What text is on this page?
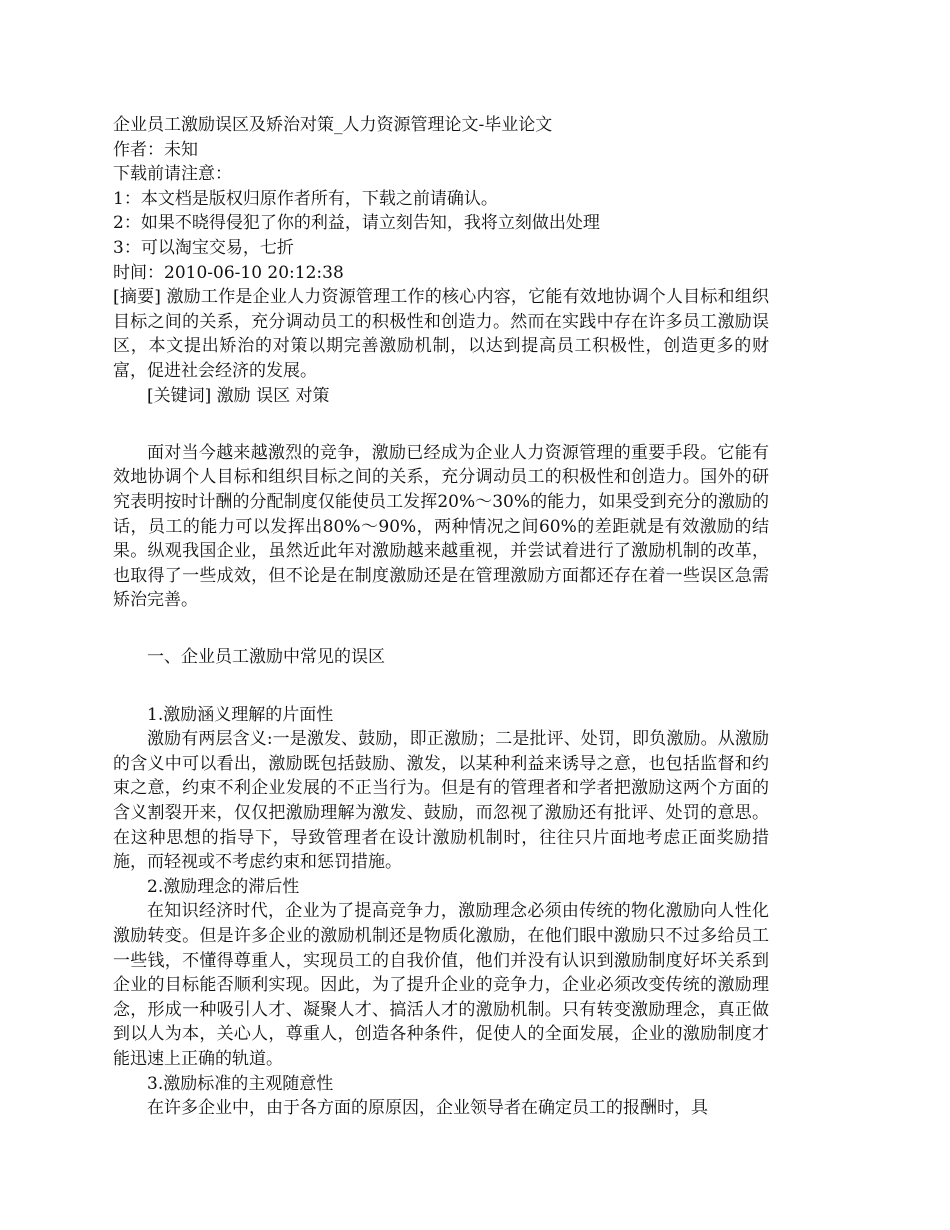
企业员工激励误区及矫治对策_人力资源管理论文-毕业论文
作者：未知
下载前请注意：
1：本文档是版权归原作者所有，下载之前请确认。
2：如果不晓得侵犯了你的利益，请立刻告知，我将立刻做出处理
3：可以淘宝交易，七折
时间：2010-06-10 20:12:38

[摘要] 激励工作是企业人力资源管理工作的核心内容，它能有效地协调个人目标和组织目标之间的关系，充分调动员工的积极性和创造力。然而在实践中存在许多员工激励误区，本文提出矫治的对策以期完善激励机制，以达到提高员工积极性，创造更多的财富，促进社会经济的发展。

[关键词] 激励 误区 对策

面对当今越来越激烈的竞争，激励已经成为企业人力资源管理的重要手段。它能有效地协调个人目标和组织目标之间的关系，充分调动员工的积极性和创造力。国外的研究表明按时计酬的分配制度仅能使员工发挥20%～30%的能力，如果受到充分的激励的话，员工的能力可以发挥出80%～90%，两种情况之间60%的差距就是有效激励的结果。纵观我国企业，虽然近此年对激励越来越重视，并尝试着进行了激励机制的改革，也取得了一些成效，但不论是在制度激励还是在管理激励方面都还存在着一些误区急需矫治完善。

一、企业员工激励中常见的误区
1.激励涵义理解的片面性

激励有两层含义:一是激发、鼓励，即正激励；二是批评、处罚，即负激励。从激励的含义中可以看出，激励既包括鼓励、激发，以某种利益来诱导之意，也包括监督和约束之意，约束不利企业发展的不正当行为。但是有的管理者和学者把激励这两个方面的含义割裂开来，仅仅把激励理解为激发、鼓励，而忽视了激励还有批评、处罚的意思。在这种思想的指导下，导致管理者在设计激励机制时，往往只片面地考虑正面奖励措施，而轻视或不考虑约束和惩罚措施。

2.激励理念的滞后性

在知识经济时代，企业为了提高竞争力，激励理念必须由传统的物化激励向人性化激励转变。但是许多企业的激励机制还是物质化激励，在他们眼中激励只不过多给员工一些钱，不懂得尊重人，实现员工的自我价值，他们并没有认识到激励制度好坏关系到企业的目标能否顺利实现。因此，为了提升企业的竞争力，企业必须改变传统的激励理念，形成一种吸引人才、凝聚人才、搞活人才的激励机制。只有转变激励理念，真正做到以人为本，关心人，尊重人，创造各种条件，促使人的全面发展，企业的激励制度才能迅速上正确的轨道。

3.激励标准的主观随意性

在许多企业中，由于各方面的原原因，企业领导者在确定员工的报酬时，具
